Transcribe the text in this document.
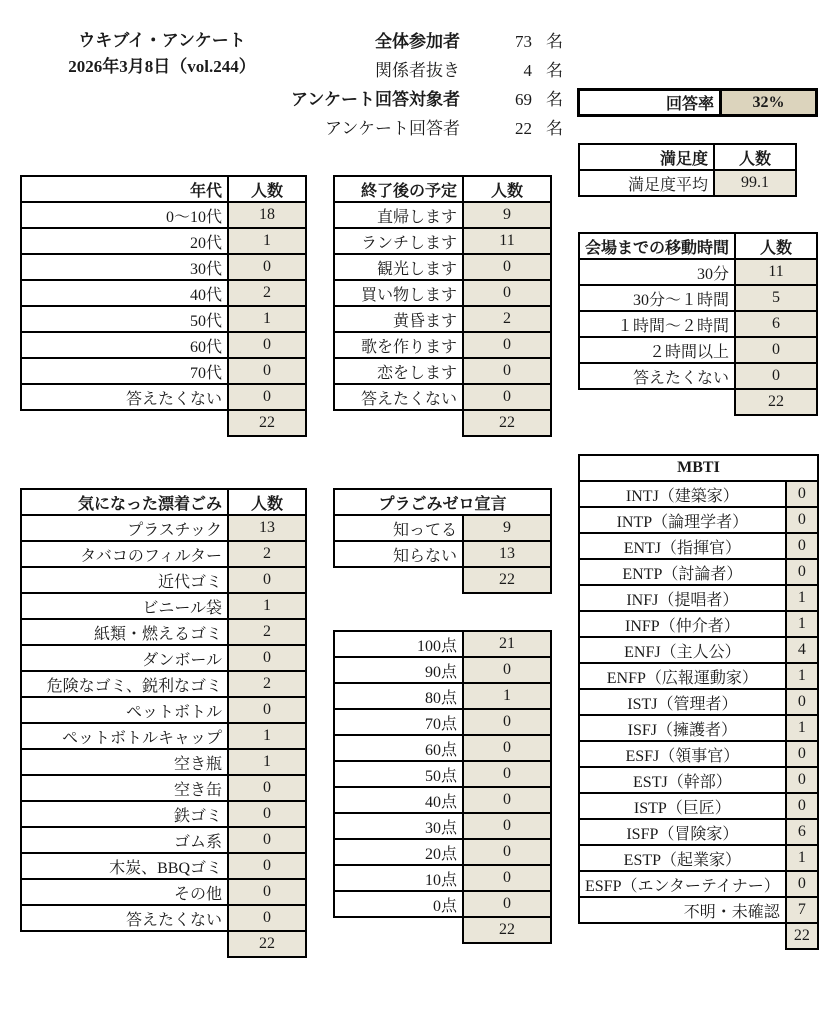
ウキブイ・アンケート
2026年3月8日（vol.244）
全体参加者	73 名
関係者抜き	4 名
アンケート回答対象者	69 名
アンケート回答者	22 名
回答率	32%
年代	人数
0～10代	18
20代	1
30代	0
40代	2
50代	1
60代	0
70代	0
答えたくない	0
	22
気になった漂着ごみ	人数
プラスチック	13
タバコのフィルター	2
近代ゴミ	0
ビニール袋	1
紙類・燃えるゴミ	2
ダンボール	0
危険なゴミ、鋭利なゴミ	2
ペットボトル	0
ペットボトルキャップ	1
空き瓶	1
空き缶	0
鉄ゴミ	0
ゴム系	0
木炭、BBQゴミ	0
その他	0
答えたくない	0
	22
終了後の予定	人数
直帰します	9
ランチします	11
観光します	0
買い物します	0
黄昏ます	2
歌を作ります	0
恋をします	0
答えたくない	0
	22
プラごみゼロ宣言	
知ってる	9
知らない	13
	22
100点	21
90点	0
80点	1
70点	0
60点	0
50点	0
40点	0
30点	0
20点	0
10点	0
0点	0
	22
満足度	人数
満足度平均	99.1
会場までの移動時間	人数
30分	11
30分～１時間	5
１時間～２時間	6
２時間以上	0
答えたくない	0
	22
MBTI	
INTJ（建築家）	0
INTP（論理学者）	0
ENTJ（指揮官）	0
ENTP（討論者）	0
INFJ（提唱者）	1
INFP（仲介者）	1
ENFJ（主人公）	4
ENFP（広報運動家）	1
ISTJ（管理者）	0
ISFJ（擁護者）	1
ESFJ（領事官）	0
ESTJ（幹部）	0
ISTP（巨匠）	0
ISFP（冒険家）	6
ESTP（起業家）	1
ESFP（エンターテイナー）	0
不明・未確認	7
	22
